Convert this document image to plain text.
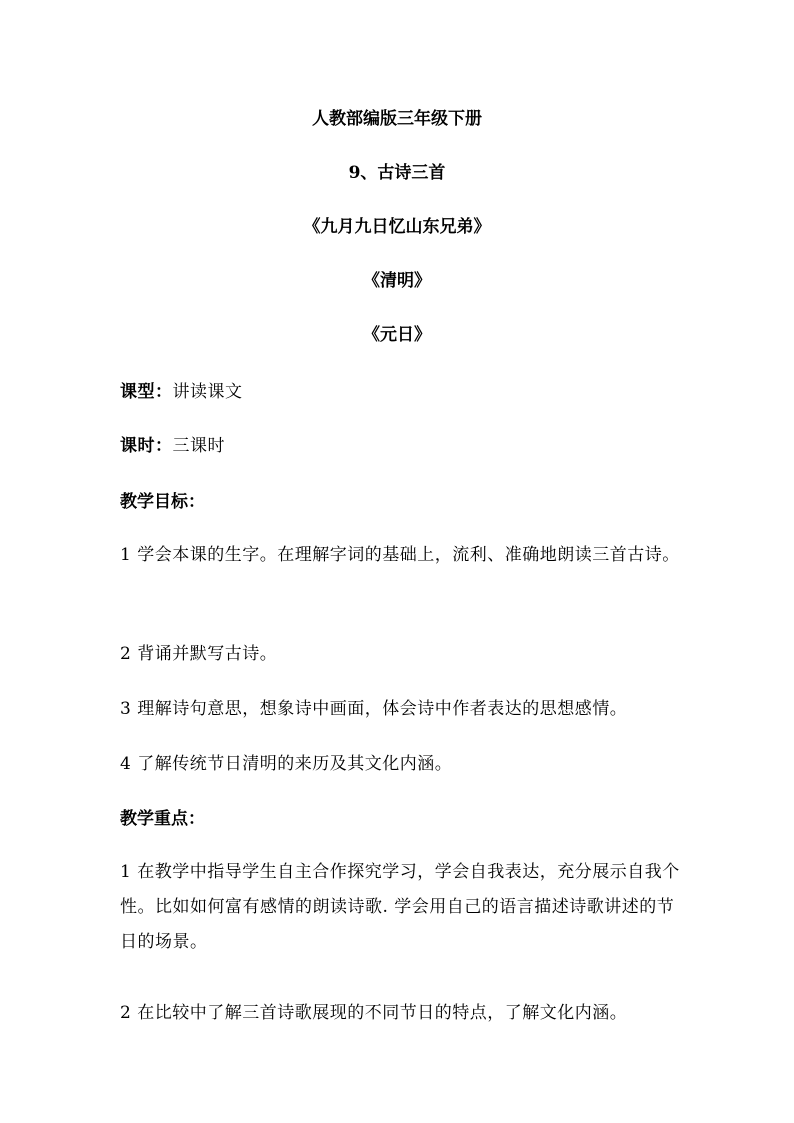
人教部编版三年级下册
9、古诗三首
《九月九日忆山东兄弟》
《清明》
《元日》
课型：讲读课文
课时：三课时
教学目标：
1 学会本课的生字。在理解字词的基础上，流利、准确地朗读三首古诗。
2 背诵并默写古诗。
3 理解诗句意思，想象诗中画面，体会诗中作者表达的思想感情。
4 了解传统节日清明的来历及其文化内涵。
教学重点：
1 在教学中指导学生自主合作探究学习，学会自我表达，充分展示自我个性。比如如何富有感情的朗读诗歌. 学会用自己的语言描述诗歌讲述的节日的场景。
2 在比较中了解三首诗歌展现的不同节日的特点，了解文化内涵。
